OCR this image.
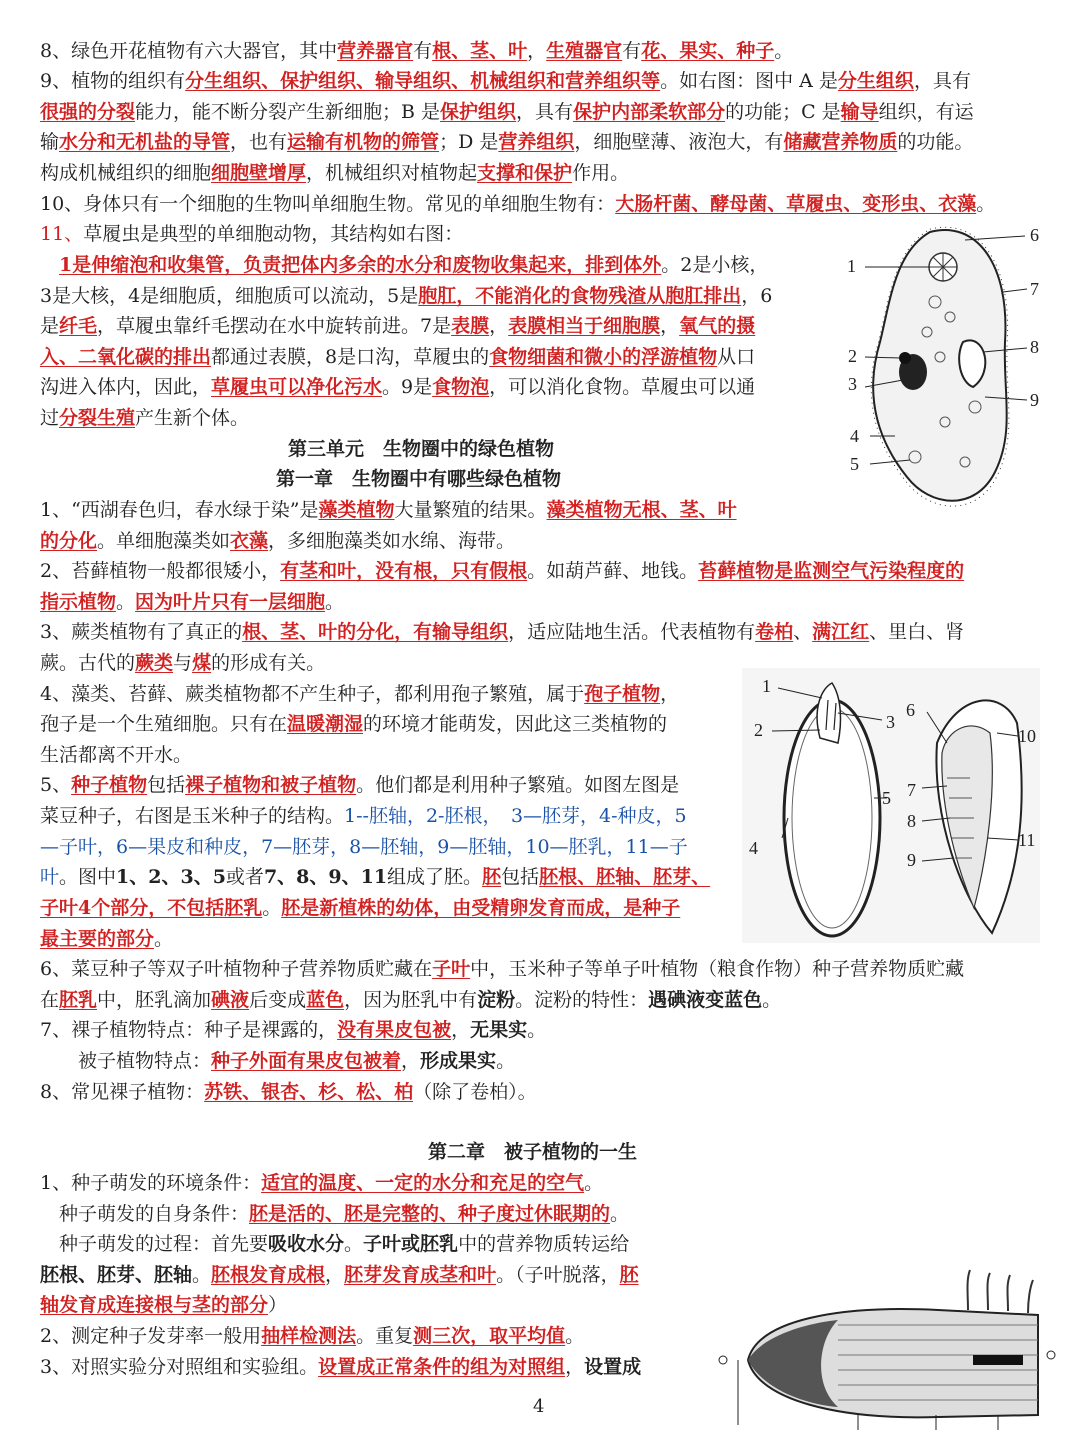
8、绿色开花植物有六大器官，其中营养器官有根、茎、叶，生殖器官有花、果实、种子。
9、植物的组织有分生组织、保护组织、输导组织、机械组织和营养组织等。如右图：图中 A 是分生组织，具有
很强的分裂能力，能不断分裂产生新细胞；B 是保护组织，具有保护内部柔软部分的功能；C 是输导组织，有运
输水分和无机盐的导管，也有运输有机物的筛管；D 是营养组织，细胞壁薄、液泡大，有储藏营养物质的功能。
构成机械组织的细胞细胞壁增厚，机械组织对植物起支撑和保护作用。
10、身体只有一个细胞的生物叫单细胞生物。常见的单细胞生物有：大肠杆菌、酵母菌、草履虫、变形虫、衣藻。
11、草履虫是典型的单细胞动物，其结构如右图：
　1是伸缩泡和收集管，负责把体内多余的水分和废物收集起来，排到体外。2是小核，
3是大核，4是细胞质，细胞质可以流动，5是胞肛，不能消化的食物残渣从胞肛排出，6
是纤毛，草履虫靠纤毛摆动在水中旋转前进。7是表膜，表膜相当于细胞膜，氧气的摄
入、二氧化碳的排出都通过表膜，8是口沟，草履虫的食物细菌和微小的浮游植物从口
沟进入体内，因此，草履虫可以净化污水。9是食物泡，可以消化食物。草履虫可以通
过分裂生殖产生新个体。
第三单元　生物圈中的绿色植物
第一章　生物圈中有哪些绿色植物
1、“西湖春色归，春水绿于染”是藻类植物大量繁殖的结果。藻类植物无根、茎、叶
的分化。单细胞藻类如衣藻，多细胞藻类如水绵、海带。
2、苔藓植物一般都很矮小，有茎和叶，没有根，只有假根。如葫芦藓、地钱。苔藓植物是监测空气污染程度的
指示植物。因为叶片只有一层细胞。
3、蕨类植物有了真正的根、茎、叶的分化，有输导组织，适应陆地生活。代表植物有卷柏、满江红、里白、肾
蕨。古代的蕨类与煤的形成有关。
4、藻类、苔藓、蕨类植物都不产生种子，都利用孢子繁殖，属于孢子植物，
孢子是一个生殖细胞。只有在温暖潮湿的环境才能萌发，因此这三类植物的
生活都离不开水。
5、种子植物包括裸子植物和被子植物。他们都是利用种子繁殖。如图左图是
菜豆种子，右图是玉米种子的结构。1--胚轴，2-胚根，　3—胚芽，4-种皮，5
—子叶，6—果皮和种皮，7—胚芽，8—胚轴，9—胚轴，10—胚乳，11—子
叶。图中1、2、3、5或者7、8、9、11组成了胚。胚包括胚根、胚轴、胚芽、
子叶4个部分，不包括胚乳。胚是新植株的幼体，由受精卵发育而成，是种子
最主要的部分。
6、菜豆种子等双子叶植物种子营养物质贮藏在子叶中，玉米种子等单子叶植物（粮食作物）种子营养物质贮藏
在胚乳中，胚乳滴加碘液后变成蓝色，因为胚乳中有淀粉。淀粉的特性：遇碘液变蓝色。
7、裸子植物特点：种子是裸露的，没有果皮包被，无果实。
　　被子植物特点：种子外面有果皮包被着，形成果实。
8、常见裸子植物：苏铁、银杏、杉、松、柏（除了卷柏）。
第二章　被子植物的一生
1、种子萌发的环境条件：适宜的温度、一定的水分和充足的空气。
　种子萌发的自身条件：胚是活的、胚是完整的、种子度过休眠期的。
　种子萌发的过程：首先要吸收水分。子叶或胚乳中的营养物质转运给
胚根、胚芽、胚轴。胚根发育成根，胚芽发育成茎和叶。（子叶脱落，胚
轴发育成连接根与茎的部分）
2、测定种子发芽率一般用抽样检测法。重复测三次，取平均值。
3、对照实验分对照组和实验组。设置成正常条件的组为对照组，设置成
1
2
3
4
5
6
7
8
9
1
2	3
4
5
6
7
8
9
10
11
4
